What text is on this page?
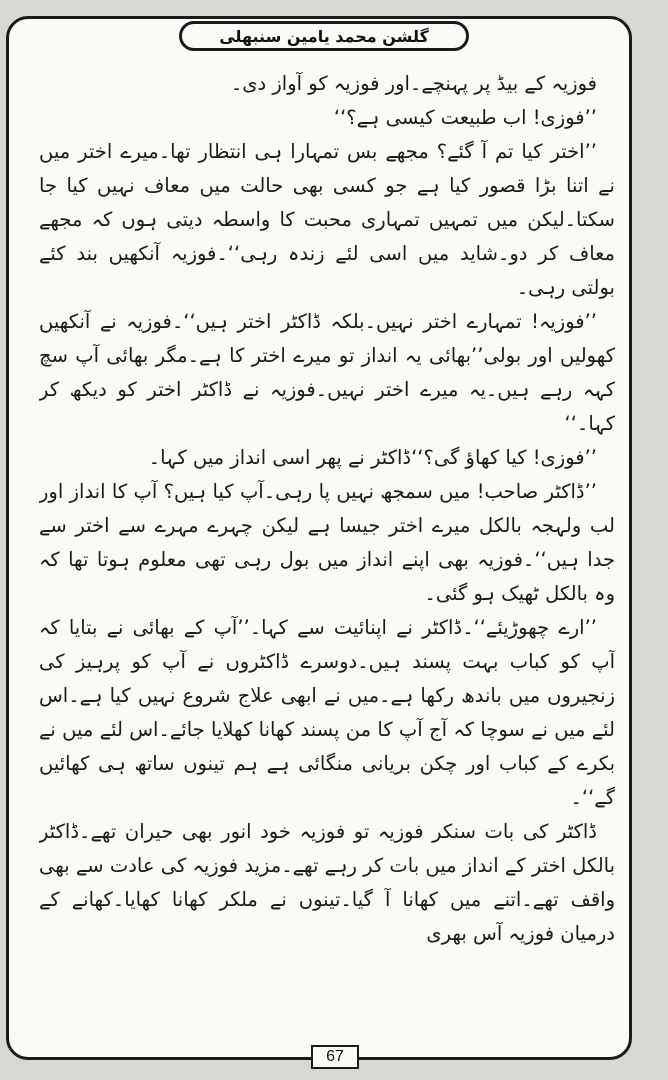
گلشن محمد یامین سنبھلی

فوزیہ کے بیڈ پر پہنچے۔اور فوزیہ کو آواز دی۔

’’فوزی! اب طبیعت کیسی ہے؟‘‘

’’اختر کیا تم آ گئے؟ مجھے بس تمہارا ہی انتظار تھا۔میرے اختر میں نے اتنا بڑا قصور کیا ہے جو کسی بھی حالت میں معاف نہیں کیا جا سکتا۔لیکن میں تمہیں تمہاری محبت کا واسطہ دیتی ہوں کہ مجھے معاف کر دو۔شاید میں اسی لئے زندہ رہی‘‘۔فوزیہ آنکھیں بند کئے بولتی رہی۔

’’فوزیہ! تمہارے اختر نہیں۔بلکہ ڈاکٹر اختر ہیں‘‘۔فوزیہ نے آنکھیں کھولیں اور بولی’’بھائی یہ انداز تو میرے اختر کا ہے۔مگر بھائی آپ سچ کہہ رہے ہیں۔یہ میرے اختر نہیں۔فوزیہ نے ڈاکٹر اختر کو دیکھ کر کہا۔‘‘

’’فوزی! کیا کھاؤ گی؟‘‘ڈاکٹر نے پھر اسی انداز میں کہا۔

’’ڈاکٹر صاحب! میں سمجھ نہیں پا رہی۔آپ کیا ہیں؟ آپ کا انداز اور لب ولہجہ بالکل میرے اختر جیسا ہے لیکن چہرے مہرے سے اختر سے جدا ہیں‘‘۔فوزیہ بھی اپنے انداز میں بول رہی تھی معلوم ہوتا تھا کہ وہ بالکل ٹھیک ہو گئی۔

’’ارے چھوڑیئے‘‘۔ڈاکٹر نے اپنائیت سے کہا۔’’آپ کے بھائی نے بتایا کہ آپ کو کباب بہت پسند ہیں۔دوسرے ڈاکٹروں نے آپ کو پرہیز کی زنجیروں میں باندھ رکھا ہے۔میں نے ابھی علاج شروع نہیں کیا ہے۔اس لئے میں نے سوچا کہ آج آپ کا من پسند کھانا کھلایا جائے۔اس لئے میں نے بکرے کے کباب اور چکن بریانی منگائی ہے ہم تینوں ساتھ ہی کھائیں گے‘‘۔

ڈاکٹر کی بات سنکر فوزیہ تو فوزیہ خود انور بھی حیران تھے۔ڈاکٹر بالکل اختر کے انداز میں بات کر رہے تھے۔مزید فوزیہ کی عادت سے بھی واقف تھے۔اتنے میں کھانا آ گیا۔تینوں نے ملکر کھانا کھایا۔کھانے کے درمیان فوزیہ آس بھری

67
